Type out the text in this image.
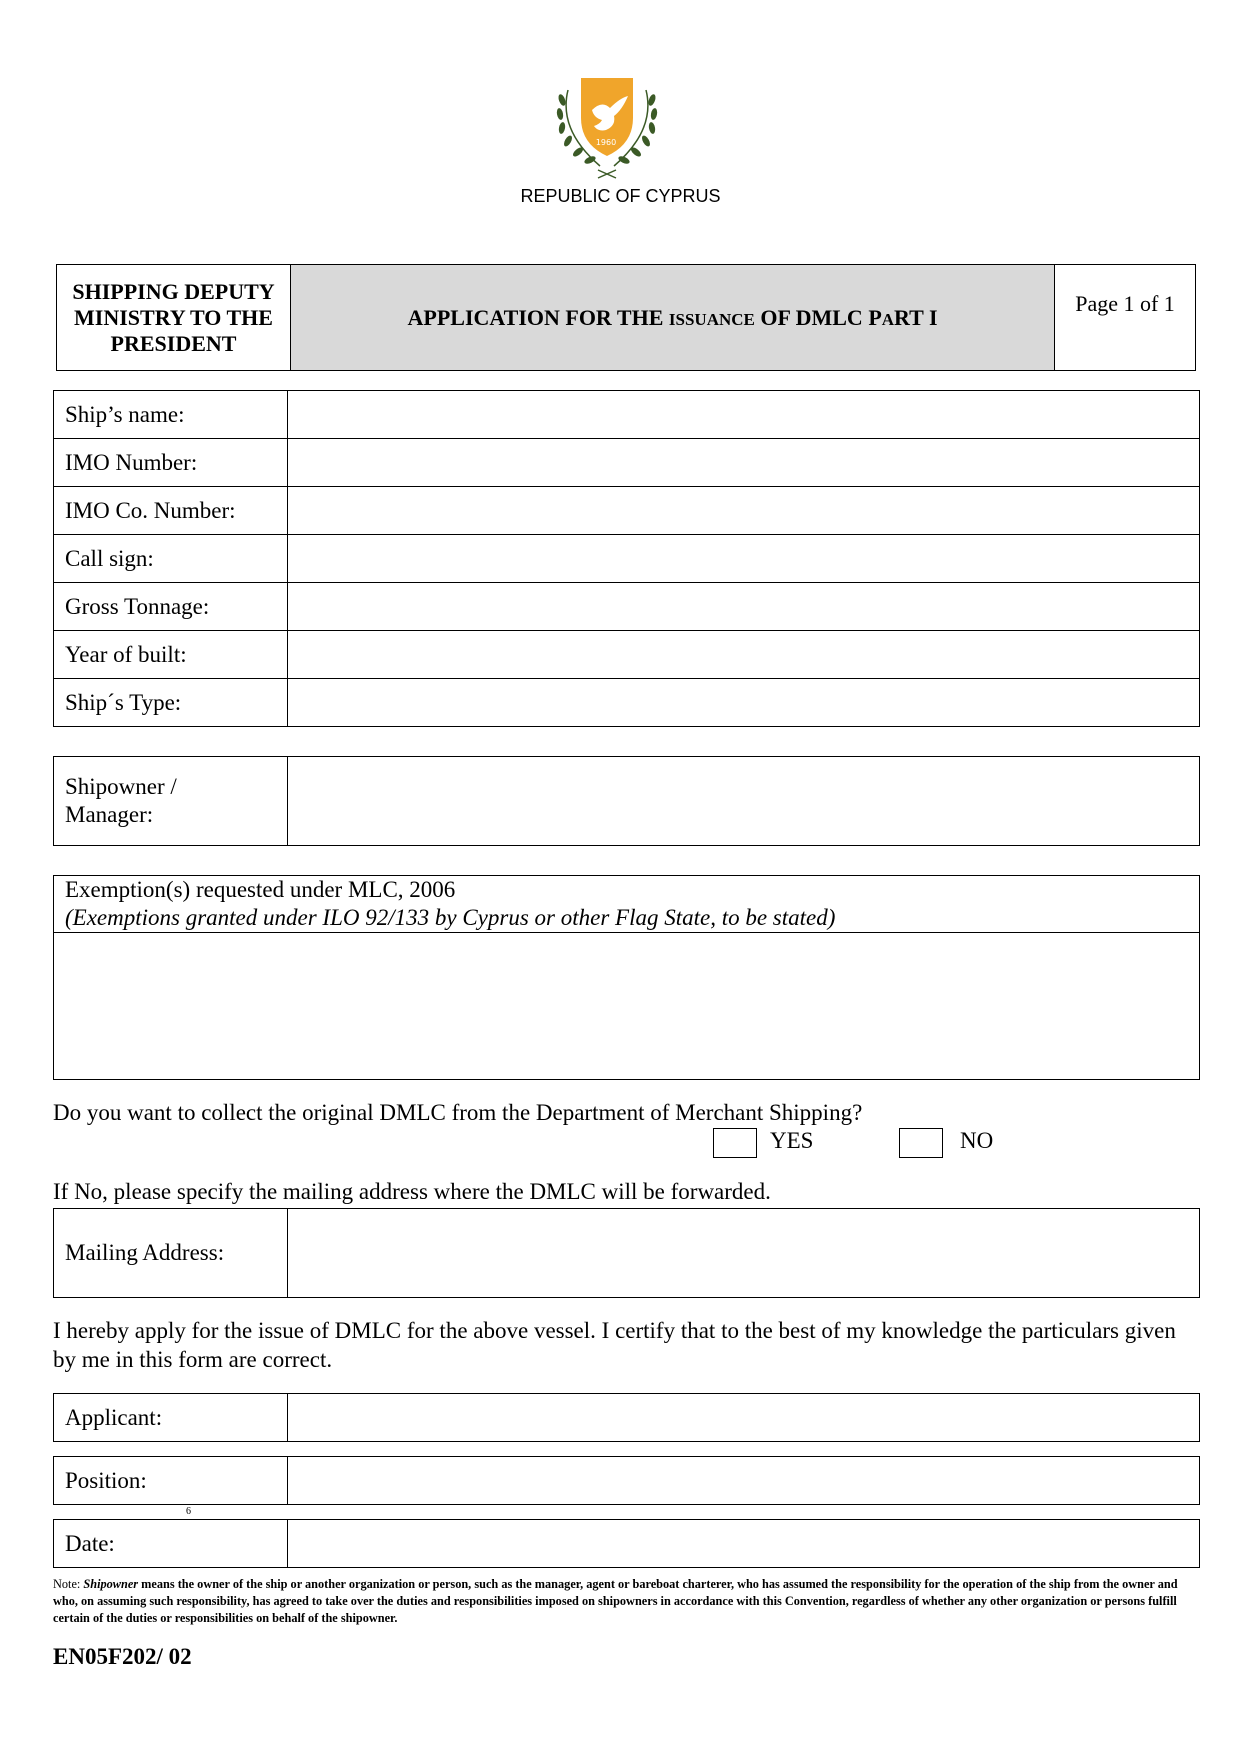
1960
REPUBLIC OF CYPRUS
SHIPPING DEPUTY MINISTRY TO THE PRESIDENT	APPLICATION FOR THE ISSUANCE OF DMLC PART I	Page 1 of 1
Ship’s name:	
IMO Number:	
IMO Co. Number:	
Call sign:	
Gross Tonnage:	
Year of built:	
Ship´s Type:	
Shipowner /
Manager:	
Exemption(s) requested under MLC, 2006
(Exemptions granted under ILO 92/133 by Cyprus or other Flag State, to be stated)

Do you want to collect the original DMLC from the Department of Merchant Shipping?
YES	NO
If No, please specify the mailing address where the DMLC will be forwarded.
Mailing Address:	
I hereby apply for the issue of DMLC for the above vessel. I certify that to the best of my knowledge the particulars given by me in this form are correct.
Applicant:	
Position:	
6
Date:	
Note: Shipowner means the owner of the ship or another organization or person, such as the manager, agent or bareboat charterer, who has assumed the responsibility for the operation of the ship from the owner and who, on assuming such responsibility, has agreed to take over the duties and responsibilities imposed on shipowners in accordance with this Convention, regardless of whether any other organization or persons fulfill certain of the duties or responsibilities on behalf of the shipowner.
EN05F202/ 02
